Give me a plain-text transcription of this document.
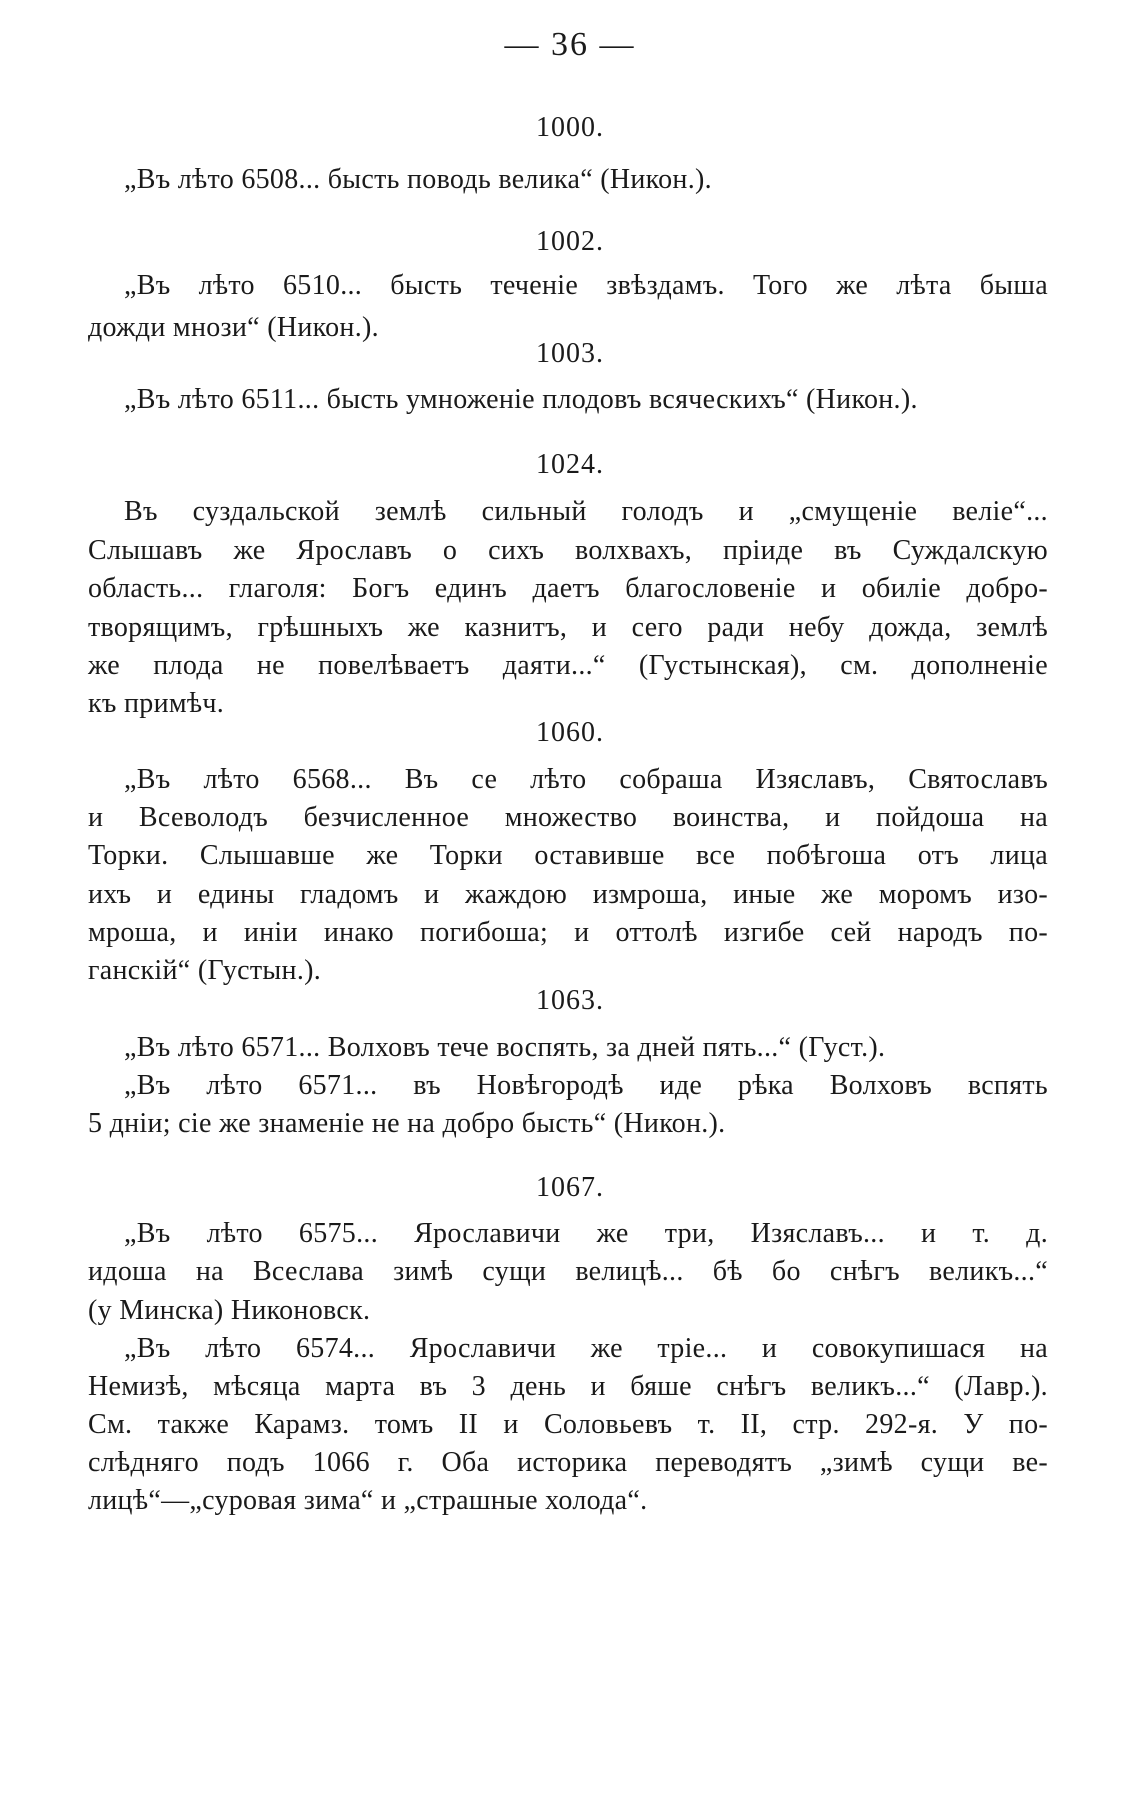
— 36 —
1000.
„Въ лѣто 6508... бысть поводь велика“ (Никон.).
1002.
„Въ лѣто 6510... бысть теченіе звѣздамъ. Того же лѣта быша
дожди мнози“ (Никон.).
1003.
„Въ лѣто 6511... бысть умноженіе плодовъ всяческихъ“ (Никон.).
1024.
Въ суздальской землѣ сильный голодъ и „смущеніе веліе“...
Слышавъ же Ярославъ о сихъ волхвахъ, пріиде въ Суждалскую
область... глаголя: Богъ единъ даетъ благословеніе и обиліе добро-
творящимъ, грѣшныхъ же казнитъ, и сего ради небу дожда, землѣ
же плода не повелѣваетъ даяти...“ (Густынская), см. дополненіе
къ примѣч.
1060.
„Въ лѣто 6568... Въ се лѣто собраша Изяславъ, Святославъ
и Всеволодъ безчисленное множество воинства, и пойдоша на
Торки. Слышавше же Торки оставивше все побѣгоша отъ лица
ихъ и едины гладомъ и жаждою измроша, иные же моромъ изо-
мроша, и иніи инако погибоша; и оттолѣ изгибе сей народъ по-
ганскій“ (Густын.).
1063.
„Въ лѣто 6571... Волховъ тече воспять, за дней пять...“ (Густ.).
„Въ лѣто 6571... въ Новѣгородѣ иде рѣка Волховъ вспять
5 дніи; сіе же знаменіе не на добро бысть“ (Никон.).
1067.
„Въ лѣто 6575... Ярославичи же три, Изяславъ... и т. д.
идоша на Всеслава зимѣ сущи велицѣ... бѣ бо снѣгъ великъ...“
(у Минска) Никоновск.
„Въ лѣто 6574... Ярославичи же тріе... и совокупишася на
Немизѣ, мѣсяца марта въ 3 день и бяше снѣгъ великъ...“ (Лавр.).
См. также Карамз. томъ II и Соловьевъ т. II, стр. 292-я. У по-
слѣдняго подъ 1066 г. Оба историка переводятъ „зимѣ сущи ве-
лицѣ“—„суровая зима“ и „страшные холода“.
